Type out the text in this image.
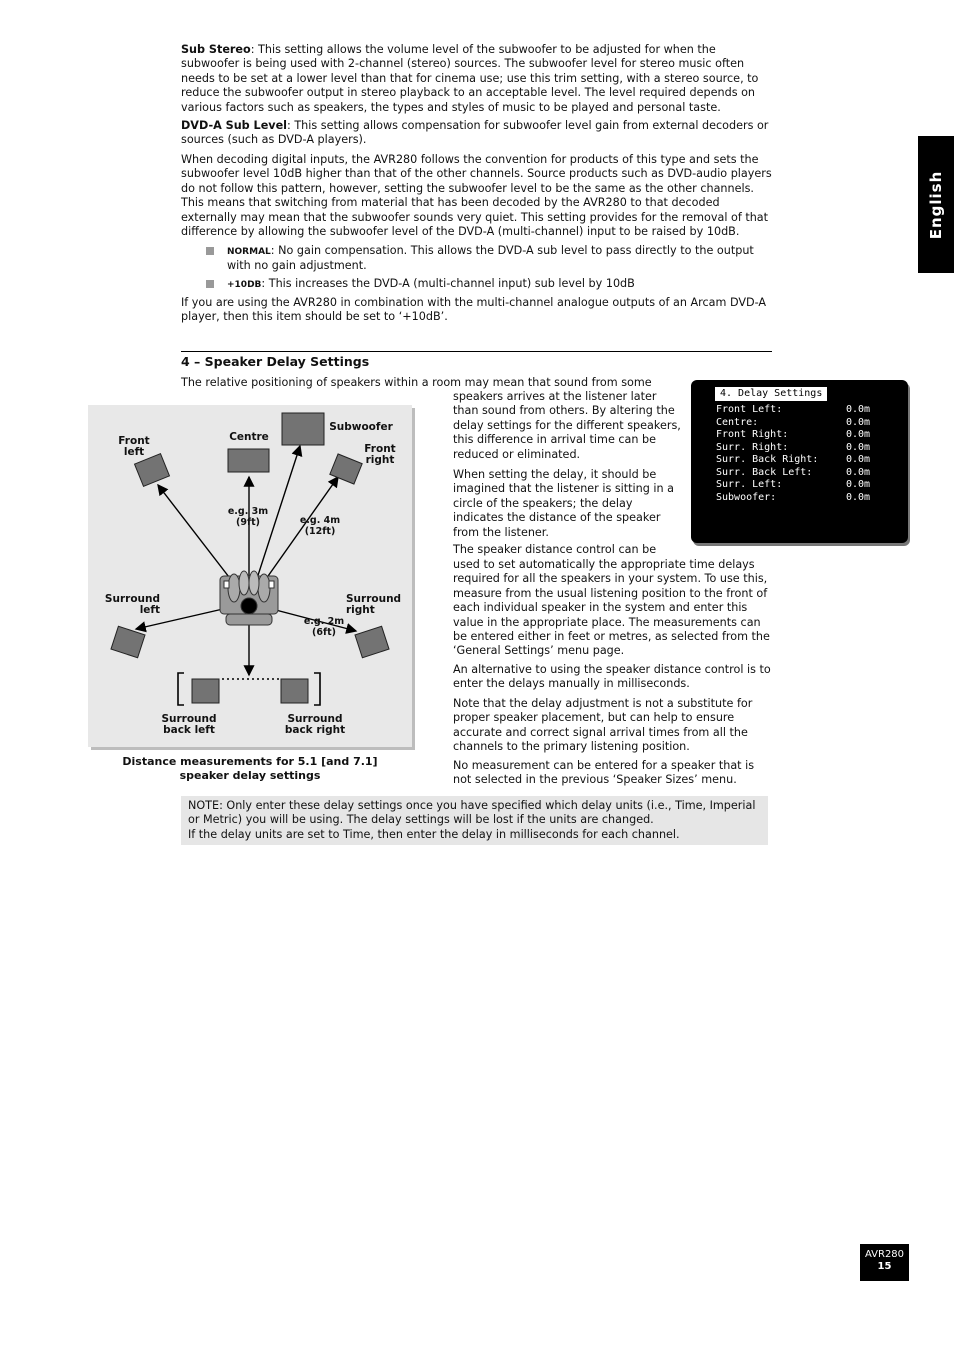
English

Sub Stereo: This setting allows the volume level of the subwoofer to be adjusted for when the subwoofer is being used with 2-channel (stereo) sources. The subwoofer level for stereo music often needs to be set at a lower level than that for cinema use; use this trim setting, with a stereo source, to reduce the subwoofer output in stereo playback to an acceptable level. The level required depends on various factors such as speakers, the types and styles of music to be played and personal taste.

DVD-A Sub Level: This setting allows compensation for subwoofer level gain from external decoders or sources (such as DVD-A players).

When decoding digital inputs, the AVR280 follows the convention for products of this type and sets the subwoofer level 10dB higher than that of the other channels. Source products such as DVD-audio players do not follow this pattern, however, setting the subwoofer level to be the same as the other channels. This means that switching from material that has been decoded by the AVR280 to that decoded externally may mean that the subwoofer sounds very quiet. This setting provides for the removal of that difference by allowing the subwoofer level of the DVD-A (multi-channel) input to be raised by 10dB.

NORMAL: No gain compensation. This allows the DVD-A sub level to pass directly to the output with no gain adjustment.

+10DB: This increases the DVD-A (multi-channel input) sub level by 10dB

If you are using the AVR280 in combination with the multi-channel analogue outputs of an Arcam DVD-A player, then this item should be set to ‘+10dB’.

4 – Speaker Delay Settings

The relative positioning of speakers within a room may mean that sound from some

speakers arrives at the listener later than sound from others. By altering the delay settings for the different speakers, this difference in arrival time can be reduced or eliminated.

When setting the delay, it should be imagined that the listener is sitting in a circle of the speakers; the delay indicates the distance of the speaker from the listener.

The speaker distance control can be

used to set automatically the appropriate time delays required for all the speakers in your system. To use this, measure from the usual listening position to the front of each individual speaker in the system and enter this value in the appropriate place. The measurements can be entered either in feet or metres, as selected from the ‘General Settings’ menu page.

An alternative to using the speaker distance control is to enter the delays manually in milliseconds.

Note that the delay adjustment is not a substitute for proper speaker placement, but can help to ensure accurate and correct signal arrival times from all the channels to the primary listening position.

No measurement can be entered for a speaker that is not selected in the previous ‘Speaker Sizes’ menu.

4. Delay Settings
Front Left:	0.0m
Centre:	0.0m
Front Right:	0.0m
Surr. Right:	0.0m
Surr. Back Right:	0.0m
Surr. Back Left:	0.0m
Surr. Left:	0.0m
Subwoofer:	0.0m
Front
left
Centre
Subwoofer
Front
right
Surround
left
Surround
right
Surround
back left
Surround
back right
e.g. 3m
(9ft)	e.g. 4m
(12ft)
e.g. 2m
(6ft)
Distance measurements for 5.1 [and 7.1]
speaker delay settings
NOTE: Only enter these delay settings once you have specified which delay units (i.e., Time, Imperial or Metric) you will be using. The delay settings will be lost if the units are changed.
If the delay units are set to Time, then enter the delay in milliseconds for each channel.
AVR280
15
